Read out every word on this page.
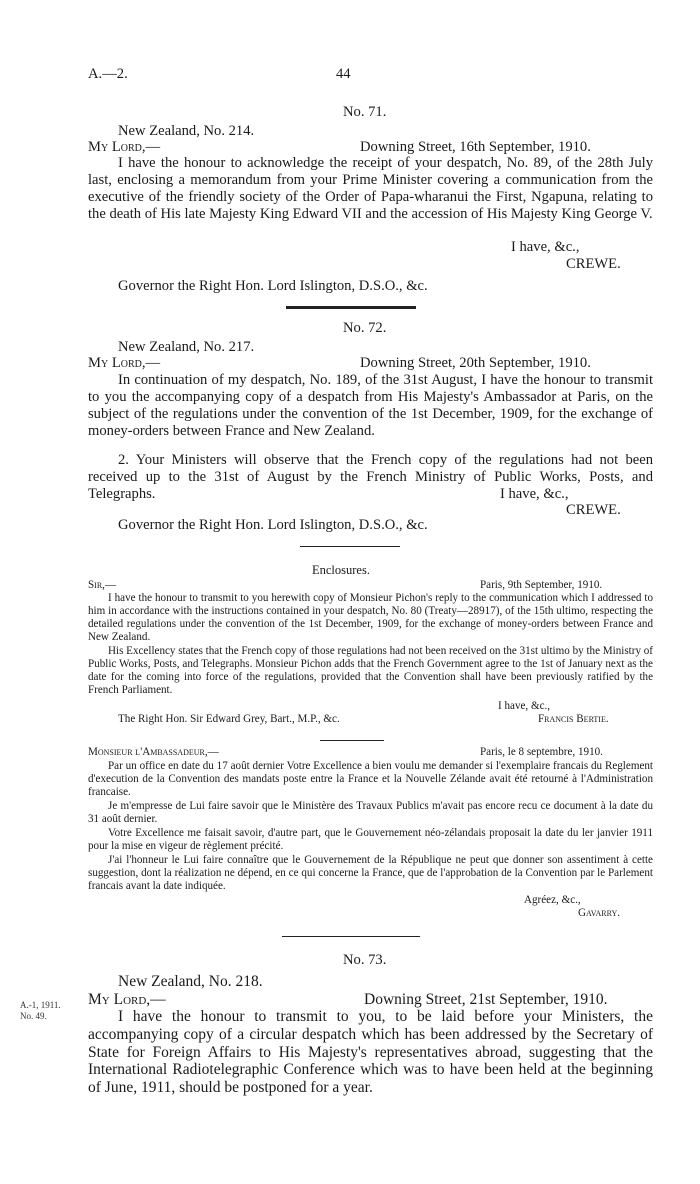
A.—2.	44
No. 71.
New Zealand, No. 214.
My Lord,—	Downing Street, 16th September, 1910.
I have the honour to acknowledge the receipt of your despatch, No. 89, of the 28th July last, enclosing a memorandum from your Prime Minister covering a communication from the executive of the friendly society of the Order of Papa-wharanui the First, Ngapuna, relating to the death of His late Majesty King Edward VII and the accession of His Majesty King George V.
I have, &c.,
CREWE.
Governor the Right Hon. Lord Islington, D.S.O., &c.
No. 72.
New Zealand, No. 217.
My Lord,—	Downing Street, 20th September, 1910.
In continuation of my despatch, No. 189, of the 31st August, I have the honour to transmit to you the accompanying copy of a despatch from His Majesty's Ambassador at Paris, on the subject of the regulations under the convention of the 1st December, 1909, for the exchange of money-orders between France and New Zealand.
2. Your Ministers will observe that the French copy of the regulations had not been received up to the 31st of August by the French Ministry of Public Works, Posts, and Telegraphs.	I have, &c.,
CREWE.
Governor the Right Hon. Lord Islington, D.S.O., &c.
Enclosures.
Sir,—	Paris, 9th September, 1910.
I have the honour to transmit to you herewith copy of Monsieur Pichon's reply to the communication which I addressed to him in accordance with the instructions contained in your despatch, No. 80 (Treaty—28917), of the 15th ultimo, respecting the detailed regulations under the convention of the 1st December, 1909, for the exchange of money-orders between France and New Zealand.
His Excellency states that the French copy of those regulations had not been received on the 31st ultimo by the Ministry of Public Works, Posts, and Telegraphs. Monsieur Pichon adds that the French Government agree to the 1st of January next as the date for the coming into force of the regulations, provided that the Convention shall have been previously ratified by the French Parliament.
I have, &c.,
The Right Hon. Sir Edward Grey, Bart., M.P., &c.	Francis Bertie.
Monsieur l'Ambassadeur,—	Paris, le 8 septembre, 1910.
Par un office en date du 17 août dernier Votre Excellence a bien voulu me demander si l'exemplaire francais du Reglement d'execution de la Convention des mandats poste entre la France et la Nouvelle Zélande avait été retourné à l'Administration francaise.
Je m'empresse de Lui faire savoir que le Ministère des Travaux Publics m'avait pas encore recu ce document à la date du 31 août dernier.
Votre Excellence me faisait savoir, d'autre part, que le Gouvernement néo-zélandais proposait la date du ler janvier 1911 pour la mise en vigeur de règlement précité.
J'ai l'honneur le Lui faire connaître que le Gouvernement de la République ne peut que donner son assentiment à cette suggestion, dont la réalization ne dépend, en ce qui concerne la France, que de l'approbation de la Convention par le Parlement francais avant la date indiquée.
Agréez, &c.,
Gavarry.
No. 73.
New Zealand, No. 218.
My Lord,—	Downing Street, 21st September, 1910.
A.-1, 1911.
No. 49.	I have the honour to transmit to you, to be laid before your Ministers, the accompanying copy of a circular despatch which has been addressed by the Secretary of State for Foreign Affairs to His Majesty's representatives abroad, suggesting that the International Radiotelegraphic Conference which was to have been held at the beginning of June, 1911, should be postponed for a year.
